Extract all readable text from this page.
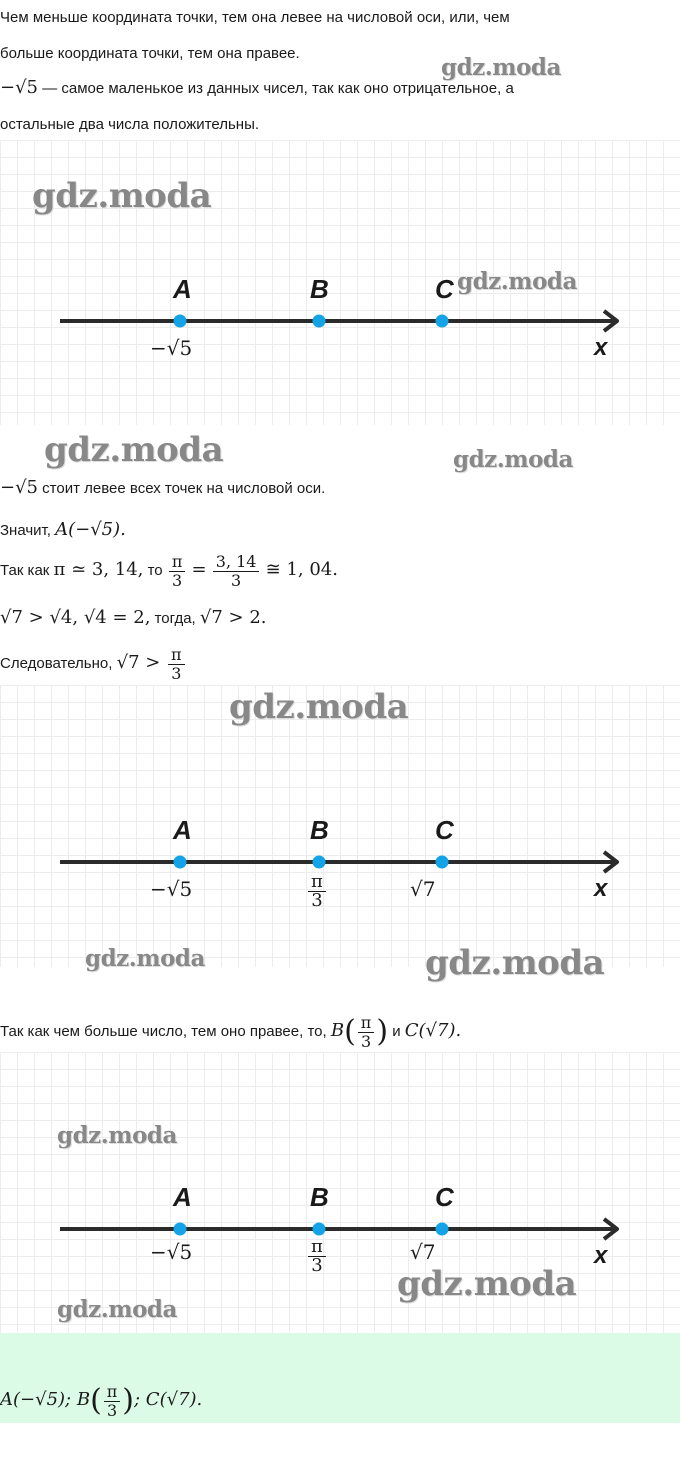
Чем меньше координата точки, тем она левее на числовой оси, или, чем
больше координата точки, тем она правее.
−√5 — самое маленькое из данных чисел, так как оно отрицательное, а
остальные два числа положительны.
gdz.moda
gdz.moda
gdz.moda
A	B	C
x
−√5
gdz.moda	gdz.moda
−√5 стоит левее всех точек на числовой оси.
Значит, A(−√5).
Так как π ≃ 3, 14, то $\frac{\pi}{3} = \frac{3, 14}{3}$ ≅ 1, 04.
√7 > √4, √4 = 2, тогда, √7 > 2.
Следовательно, $√7 > \frac{\pi}{3}$
gdz.moda
gdz.moda	gdz.moda
A	B	C
x
−√5	$\frac{\pi}{3}$	√7
Так как чем больше число, тем оно правее, то, $B( \frac{\pi}{3}$ ) и C(√7).
gdz.moda
gdz.moda
gdz.moda
A	B	C
x
−√5	$\frac{\pi}{3}$	√7
A(−√5); $B( \frac{\pi}{3}$ ); C(√7).
